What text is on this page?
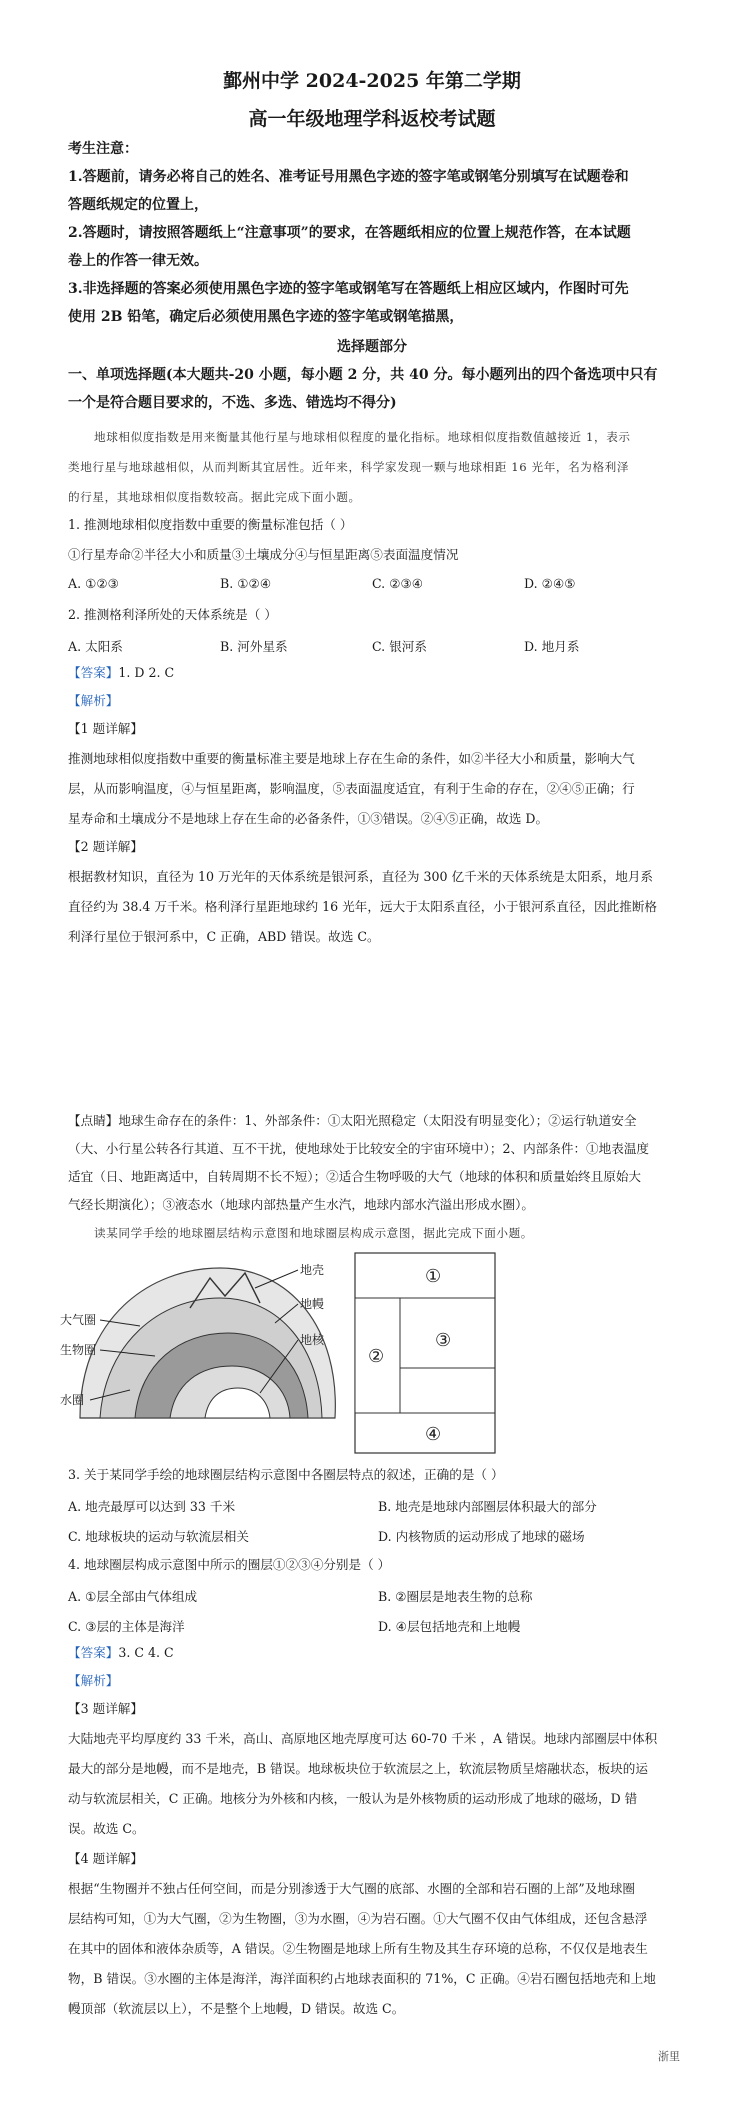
鄞州中学 2024-2025 年第二学期
高一年级地理学科返校考试题
考生注意：
1.答题前，请务必将自己的姓名、准考证号用黑色字迹的签字笔或钢笔分别填写在试题卷和
答题纸规定的位置上，
2.答题时，请按照答题纸上“注意事项”的要求，在答题纸相应的位置上规范作答，在本试题
卷上的作答一律无效。
3.非选择题的答案必须使用黑色字迹的签字笔或钢笔写在答题纸上相应区域内，作图时可先
使用 2B 铅笔，确定后必须使用黑色字迹的签字笔或钢笔描黑，
选择题部分
一、单项选择题(本大题共-20 小题，每小题 2 分，共 40 分。每小题列出的四个备选项中只有
一个是符合题目要求的，不选、多选、错选均不得分)
地球相似度指数是用来衡量其他行星与地球相似程度的量化指标。地球相似度指数值越接近 1，表示
类地行星与地球越相似，从而判断其宜居性。近年来，科学家发现一颗与地球相距 16 光年，名为格利泽
的行星，其地球相似度指数较高。据此完成下面小题。
1. 推测地球相似度指数中重要的衡量标准包括（ ）
①行星寿命②半径大小和质量③土壤成分④与恒星距离⑤表面温度情况
A. ①②③	B. ①②④	C. ②③④	D. ②④⑤
2. 推测格利泽所处的天体系统是（ ）
A. 太阳系	B. 河外星系	C. 银河系	D. 地月系
【答案】1. D 2. C
【解析】
【1 题详解】
推测地球相似度指数中重要的衡量标准主要是地球上存在生命的条件，如②半径大小和质量，影响大气
层，从而影响温度，④与恒星距离，影响温度，⑤表面温度适宜，有利于生命的存在，②④⑤正确；行
星寿命和土壤成分不是地球上存在生命的必备条件，①③错误。②④⑤正确，故选 D。
【2 题详解】
根据教材知识，直径为 10 万光年的天体系统是银河系，直径为 300 亿千米的天体系统是太阳系，地月系
直径约为 38.4 万千米。格利泽行星距地球约 16 光年，远大于太阳系直径，小于银河系直径，因此推断格
利泽行星位于银河系中，C 正确，ABD 错误。故选 C。
【点睛】地球生命存在的条件：1、外部条件：①太阳光照稳定（太阳没有明显变化）；②运行轨道安全
（大、小行星公转各行其道、互不干扰，使地球处于比较安全的宇宙环境中）；2、内部条件：①地表温度
适宜（日、地距离适中，自转周期不长不短）；②适合生物呼吸的大气（地球的体积和质量始终且原始大
气经长期演化）；③液态水（地球内部热量产生水汽，地球内部水汽溢出形成水圈）。
读某同学手绘的地球圈层结构示意图和地球圈层构成示意图，据此完成下面小题。
大气圈
生物圈
水圈
地壳
地幔
地核
①
②
③
④
3. 关于某同学手绘的地球圈层结构示意图中各圈层特点的叙述，正确的是（ ）
A. 地壳最厚可以达到 33 千米	B. 地壳是地球内部圈层体积最大的部分
C. 地球板块的运动与软流层相关	D. 内核物质的运动形成了地球的磁场
4. 地球圈层构成示意图中所示的圈层①②③④分别是（ ）
A. ①层全部由气体组成	B. ②圈层是地表生物的总称
C. ③层的主体是海洋	D. ④层包括地壳和上地幔
【答案】3. C 4. C
【解析】
【3 题详解】
大陆地壳平均厚度约 33 千米，高山、高原地区地壳厚度可达 60-70 千米 ，A 错误。地球内部圈层中体积
最大的部分是地幔，而不是地壳，B 错误。地球板块位于软流层之上，软流层物质呈熔融状态，板块的运
动与软流层相关，C 正确。地核分为外核和内核，一般认为是外核物质的运动形成了地球的磁场，D 错
误。故选 C。
【4 题详解】
根据“生物圈并不独占任何空间，而是分别渗透于大气圈的底部、水圈的全部和岩石圈的上部”及地球圈
层结构可知，①为大气圈，②为生物圈，③为水圈，④为岩石圈。①大气圈不仅由气体组成，还包含悬浮
在其中的固体和液体杂质等，A 错误。②生物圈是地球上所有生物及其生存环境的总称，不仅仅是地表生
物，B 错误。③水圈的主体是海洋，海洋面积约占地球表面积的 71%，C 正确。④岩石圈包括地壳和上地
幔顶部（软流层以上），不是整个上地幔，D 错误。故选 C。
浙里
